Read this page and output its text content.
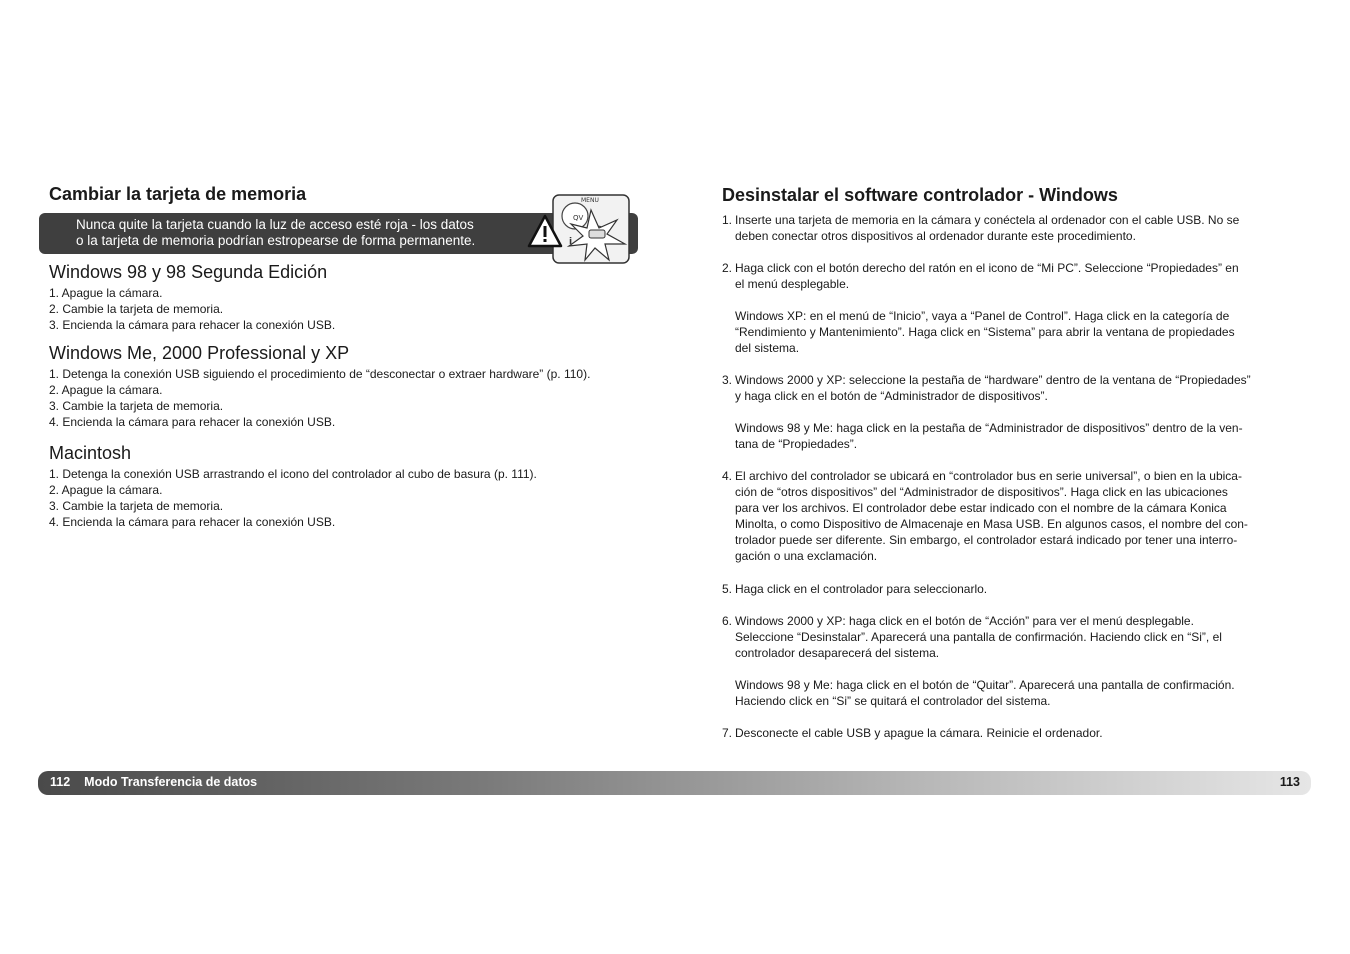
Cambiar la tarjeta de memoria
Nunca quite la tarjeta cuando la luz de acceso esté roja - los datos
o la tarjeta de memoria podrían estropearse de forma permanente.
MENU
QV
i
Windows 98 y 98 Segunda Edición
1. Apague la cámara.
2. Cambie la tarjeta de memoria.
3. Encienda la cámara para rehacer la conexión USB.
Windows Me, 2000 Professional y XP
1. Detenga la conexión USB siguiendo el procedimiento de “desconectar o extraer hardware” (p. 110).
2. Apague la cámara.
3. Cambie la tarjeta de memoria.
4. Encienda la cámara para rehacer la conexión USB.
Macintosh
1. Detenga la conexión USB arrastrando el icono del controlador al cubo de basura (p. 111).
2. Apague la cámara.
3. Cambie la tarjeta de memoria.
4. Encienda la cámara para rehacer la conexión USB.
Desinstalar el software controlador - Windows
1. Inserte una tarjeta de memoria en la cámara y conéctela al ordenador con el cable USB. No se
deben conectar otros dispositivos al ordenador durante este procedimiento.
2. Haga click con el botón derecho del ratón en el icono de “Mi PC”. Seleccione “Propiedades” en
el menú desplegable.
Windows XP: en el menú de “Inicio”, vaya a “Panel de Control”. Haga click en la categoría de
“Rendimiento y Mantenimiento”. Haga click en “Sistema” para abrir la ventana de propiedades
del sistema.
3. Windows 2000 y XP: seleccione la pestaña de “hardware” dentro de la ventana de “Propiedades”
y haga click en el botón de “Administrador de dispositivos”.
Windows 98 y Me: haga click en la pestaña de “Administrador de dispositivos” dentro de la ven-
tana de “Propiedades”.
4. El archivo del controlador se ubicará en “controlador bus en serie universal”, o bien en la ubica-
ción de “otros dispositivos” del “Administrador de dispositivos”. Haga click en las ubicaciones
para ver los archivos. El controlador debe estar indicado con el nombre de la cámara Konica
Minolta, o como Dispositivo de Almacenaje en Masa USB. En algunos casos, el nombre del con-
trolador puede ser diferente. Sin embargo, el controlador estará indicado por tener una interro-
gación o una exclamación.
5. Haga click en el controlador para seleccionarlo.
6. Windows 2000 y XP: haga click en el botón de “Acción” para ver el menú desplegable.
Seleccione “Desinstalar”. Aparecerá una pantalla de confirmación. Haciendo click en “Si”, el
controlador desaparecerá del sistema.
Windows 98 y Me: haga click en el botón de “Quitar”. Aparecerá una pantalla de confirmación.
Haciendo click en “Si” se quitará el controlador del sistema.
7. Desconecte el cable USB y apague la cámara. Reinicie el ordenador.
112 Modo Transferencia de datos	113
